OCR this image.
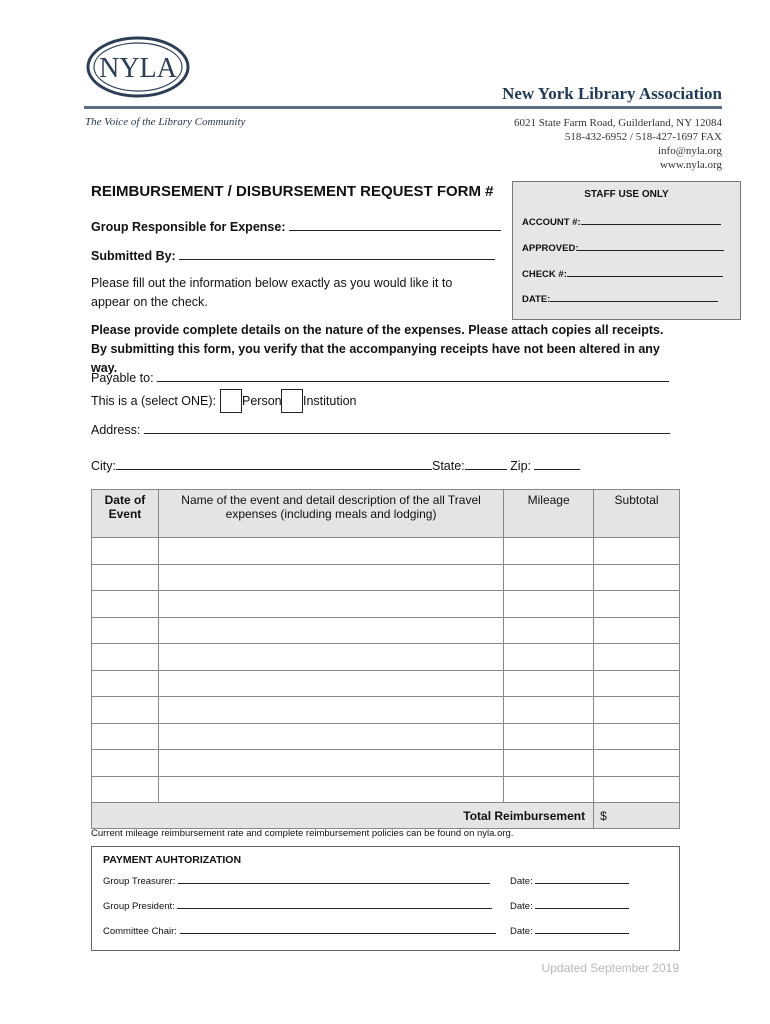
NYLA
New York Library Association
The Voice of the Library Community	6021 State Farm Road, Guilderland, NY 12084
518-432-6952 / 518-427-1697 FAX
info@nyla.org
www.nyla.org
REIMBURSEMENT / DISBURSEMENT REQUEST FORM #
Group Responsible for Expense:
Submitted By:
Please fill out the information below exactly as you would like it to appear on the check.
STAFF USE ONLY
ACCOUNT #:
APPROVED:
CHECK #:
DATE:
Please provide complete details on the nature of the expenses. Please attach copies all receipts. By submitting this form, you verify that the accompanying receipts have not been altered in any way.
Payable to:
This is a (select ONE): Person Institution
Address:
City:	State:	Zip:
Date of Event	Name of the event and detail description of the all Travel expenses (including meals and lodging)	Mileage	Subtotal

Total Reimbursement			$
Current mileage reimbursement rate and complete reimbursement policies can be found on nyla.org.
PAYMENT AUHTORIZATION
Group Treasurer:	Date:
Group President:	Date:
Committee Chair:	Date:
Updated September 2019
